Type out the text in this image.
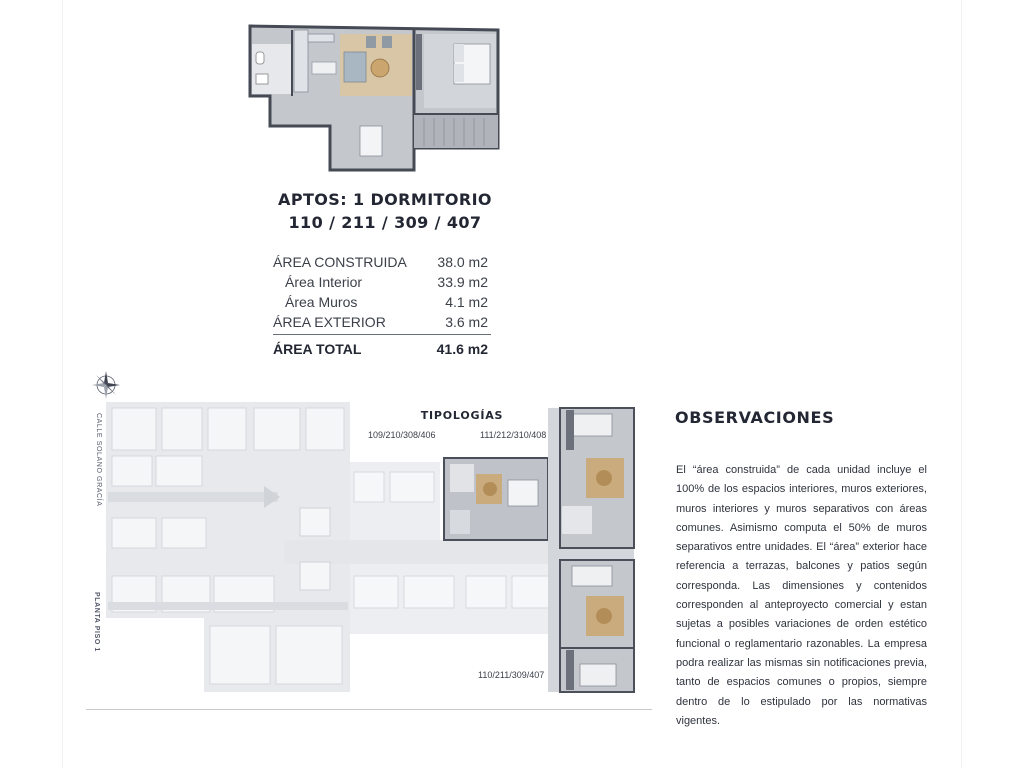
APTOS: 1 DORMITORIO
110 / 211 / 309 / 407
ÁREA CONSTRUIDA 38.0 m2
Área Interior	33.9 m2
Área Muros	4.1 m2
ÁREA EXTERIOR	3.6 m2
ÁREA TOTAL	41.6 m2
CALLE SOLANO GRACÍA
PLANTA PISO 1
TIPOLOGÍAS
109/210/308/406	111/212/310/408
110/211/309/407
OBSERVACIONES
El “área construida” de cada unidad incluye el 100% de los espacios interiores, muros exteriores, muros interiores y muros separativos con áreas comunes. Asimismo computa el 50% de muros separativos entre unidades. El “área” exterior hace referencia a terrazas, balcones y patios según corresponda. Las dimensiones y contenidos corresponden al anteproyecto comercial y estan sujetas a posibles variaciones de orden estético funcional o reglamentario razonables. La empresa podra realizar las mismas sin notificaciones previa, tanto de espacios comunes o propios, siempre dentro de lo estipulado por las normativas vigentes.
